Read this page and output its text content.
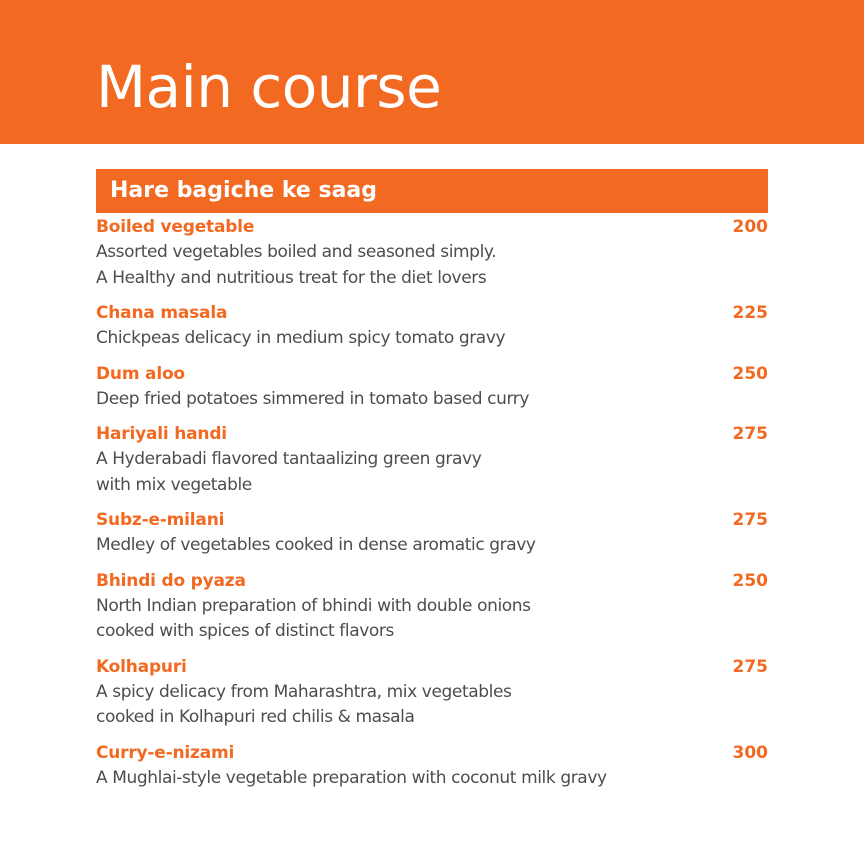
Main course
Hare bagiche ke saag
Boiled vegetable	200
Assorted vegetables boiled and seasoned simply.
A Healthy and nutritious treat for the diet lovers
Chana masala	225
Chickpeas delicacy in medium spicy tomato gravy
Dum aloo	250
Deep fried potatoes simmered in tomato based curry
Hariyali handi	275
A Hyderabadi flavored tantaalizing green gravy
with mix vegetable
Subz-e-milani	275
Medley of vegetables cooked in dense aromatic gravy
Bhindi do pyaza	250
North Indian preparation of bhindi with double onions
cooked with spices of distinct flavors
Kolhapuri	275
A spicy delicacy from Maharashtra, mix vegetables
cooked in Kolhapuri red chilis & masala
Curry-e-nizami	300
A Mughlai-style vegetable preparation with coconut milk gravy
